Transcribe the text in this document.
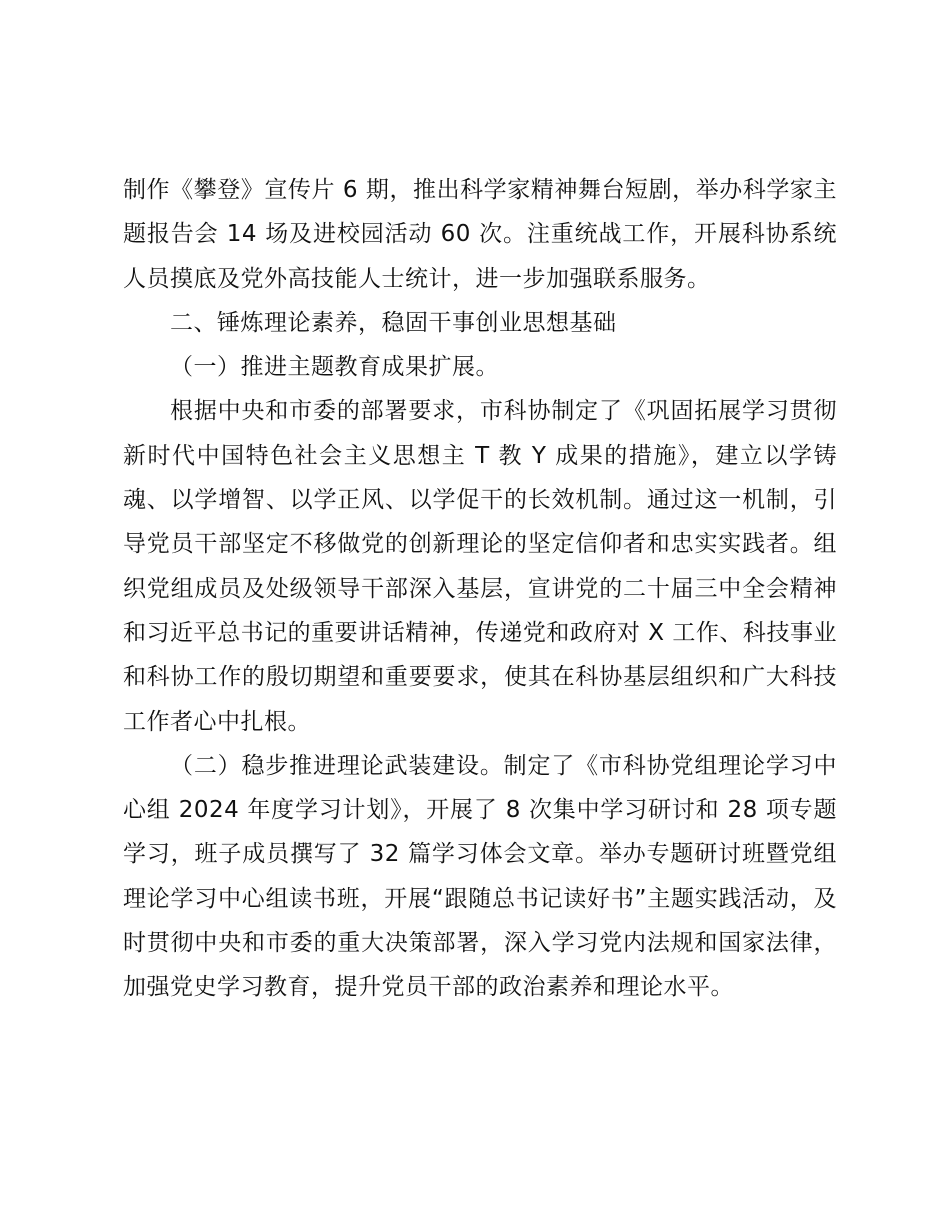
制作《攀登》宣传片 6 期，推出科学家精神舞台短剧，举办科学家主题报告会 14 场及进校园活动 60 次。注重统战工作，开展科协系统人员摸底及党外高技能人士统计，进一步加强联系服务。

二、锤炼理论素养，稳固干事创业思想基础

（一）推进主题教育成果扩展。

根据中央和市委的部署要求，市科协制定了《巩固拓展学习贯彻新时代中国特色社会主义思想主 T 教 Y 成果的措施》，建立以学铸魂、以学增智、以学正风、以学促干的长效机制。通过这一机制，引导党员干部坚定不移做党的创新理论的坚定信仰者和忠实实践者。组织党组成员及处级领导干部深入基层，宣讲党的二十届三中全会精神和习近平总书记的重要讲话精神，传递党和政府对 X 工作、科技事业和科协工作的殷切期望和重要要求，使其在科协基层组织和广大科技工作者心中扎根。

（二）稳步推进理论武装建设。制定了《市科协党组理论学习中心组 2024 年度学习计划》，开展了 8 次集中学习研讨和 28 项专题学习，班子成员撰写了 32 篇学习体会文章。举办专题研讨班暨党组理论学习中心组读书班，开展“跟随总书记读好书”主题实践活动，及时贯彻中央和市委的重大决策部署，深入学习党内法规和国家法律，加强党史学习教育，提升党员干部的政治素养和理论水平。
